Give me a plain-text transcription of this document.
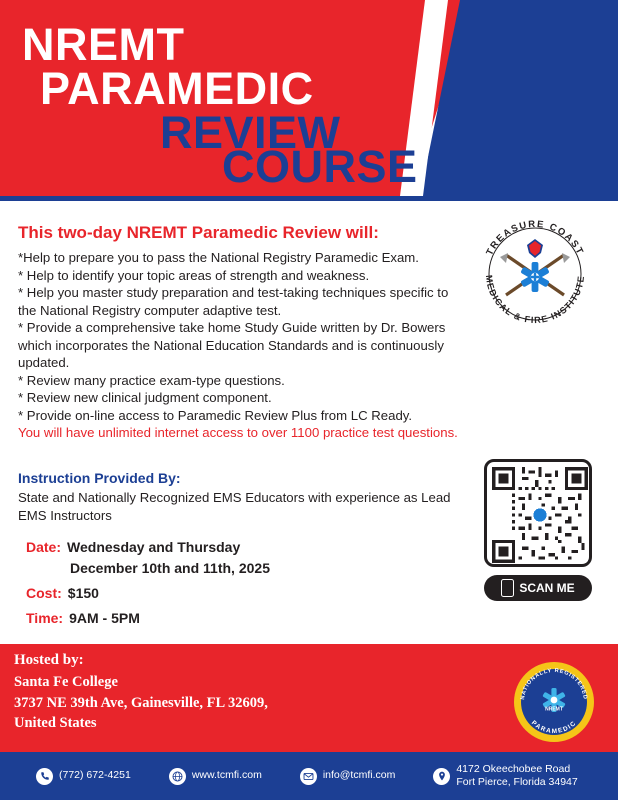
NREMT
PARAMEDIC
REVIEW
COURSE
This two-day NREMT Paramedic Review will:

*Help to prepare you to pass the National Registry Paramedic Exam.

* Help to identify your topic areas of strength and weakness.

* Help you master study preparation and test-taking techniques specific to the National Registry computer adaptive test.

* Provide a comprehensive take home Study Guide written by Dr. Bowers which incorporates the National Education Standards and is continuously updated.

* Review many practice exam-type questions.

* Review new clinical judgment component.

* Provide on-line access to Paramedic Review Plus from LC Ready.

You will have unlimited internet access to over 1100 practice test questions.

Instruction Provided By:
State and Nationally Recognized EMS Educators with experience as Lead EMS Instructors
Date: Wednesday and Thursday
December 10th and 11th, 2025
Cost: $150
Time: 9AM - 5PM
TREASURE COAST
MEDICAL & FIRE INSTITUTE
SCAN ME
Hosted by:
Santa Fe College
3737 NE 39th Ave, Gainesville, FL 32609,
United States
NATIONALLY REGISTERED
PARAMEDIC
NREMT
(772) 672-4251	www.tcmfi.com	info@tcmfi.com
4172 Okeechobee Road
Fort Pierce, Florida 34947
